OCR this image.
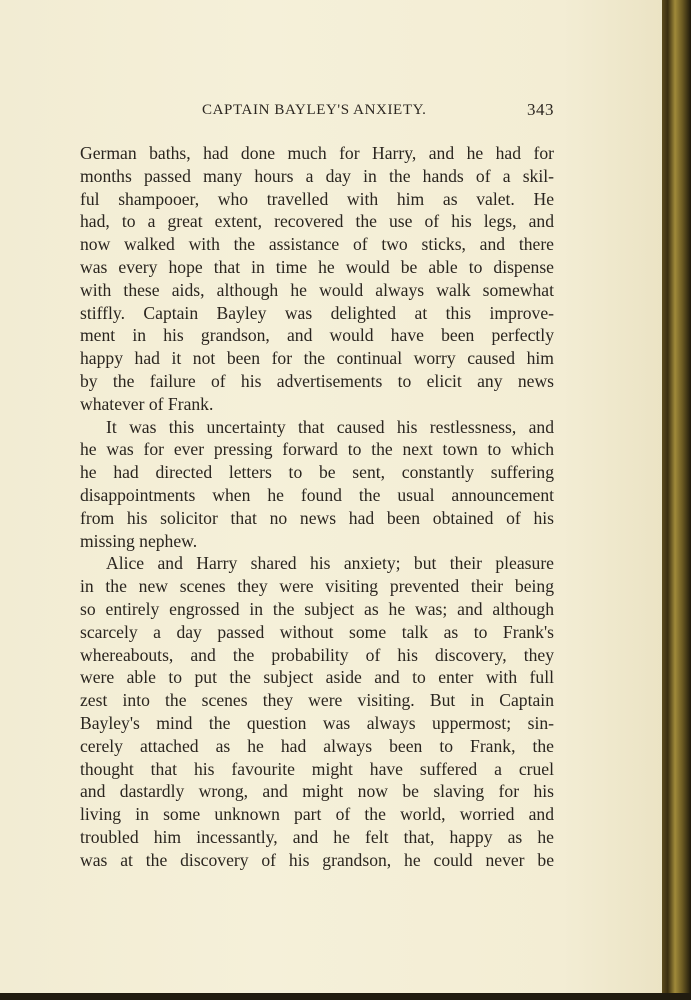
CAPTAIN BAYLEY'S ANXIETY.	343
German baths, had done much for Harry, and he had for
months passed many hours a day in the hands of a skil-
ful shampooer, who travelled with him as valet. He
had, to a great extent, recovered the use of his legs, and
now walked with the assistance of two sticks, and there
was every hope that in time he would be able to dispense
with these aids, although he would always walk somewhat
stiffly. Captain Bayley was delighted at this improve-
ment in his grandson, and would have been perfectly
happy had it not been for the continual worry caused him
by the failure of his advertisements to elicit any news
whatever of Frank.
It was this uncertainty that caused his restlessness, and
he was for ever pressing forward to the next town to which
he had directed letters to be sent, constantly suffering
disappointments when he found the usual announcement
from his solicitor that no news had been obtained of his
missing nephew.
Alice and Harry shared his anxiety; but their pleasure
in the new scenes they were visiting prevented their being
so entirely engrossed in the subject as he was; and although
scarcely a day passed without some talk as to Frank's
whereabouts, and the probability of his discovery, they
were able to put the subject aside and to enter with full
zest into the scenes they were visiting. But in Captain
Bayley's mind the question was always uppermost; sin-
cerely attached as he had always been to Frank, the
thought that his favourite might have suffered a cruel
and dastardly wrong, and might now be slaving for his
living in some unknown part of the world, worried and
troubled him incessantly, and he felt that, happy as he
was at the discovery of his grandson, he could never be
